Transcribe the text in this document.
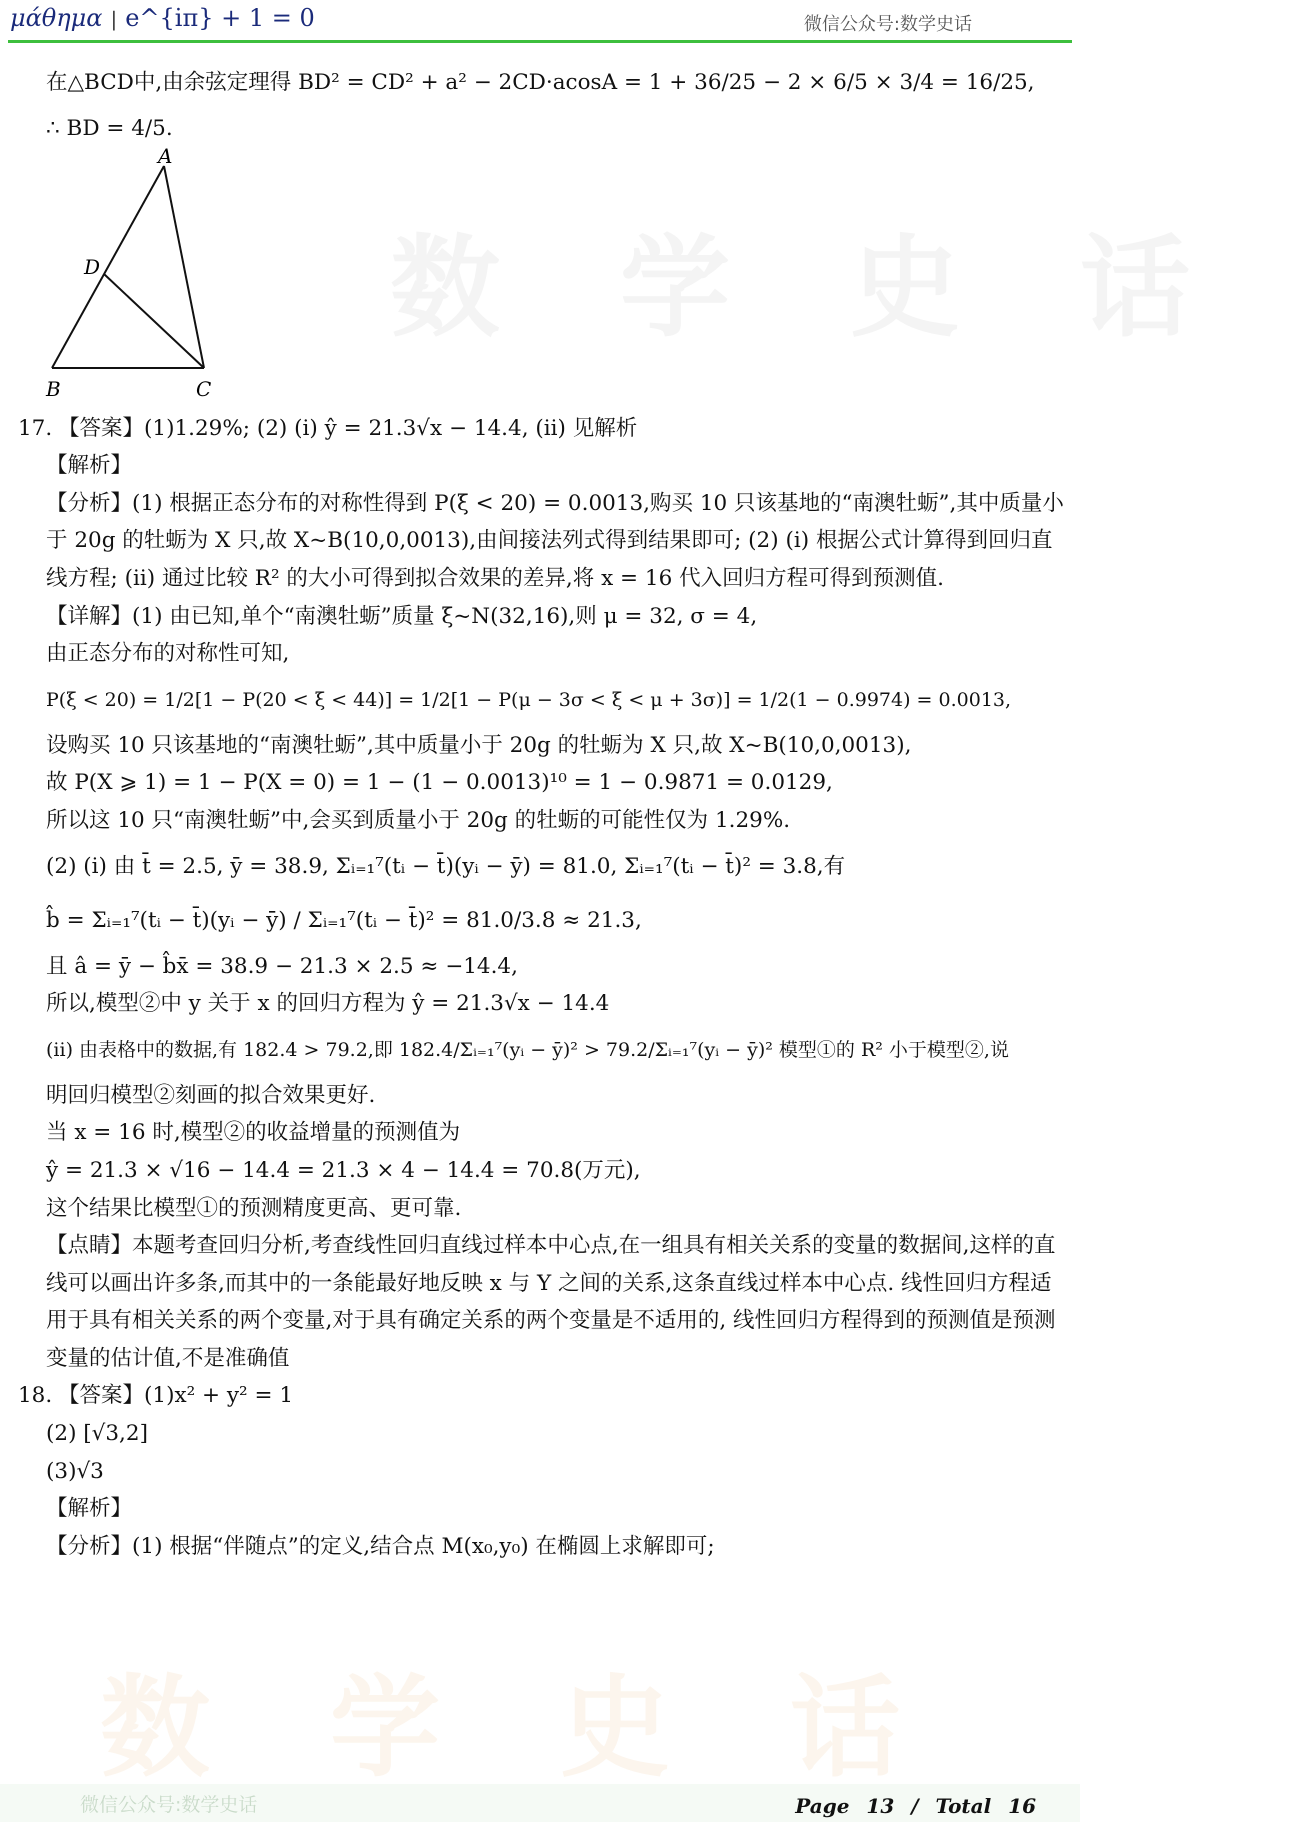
数学史话
数学史话
μάθημα | e^{iπ} + 1 = 0	微信公众号:数学史话
在△BCD中,由余弦定理得 BD² = CD² + a² − 2CD·acosA = 1 + 36/25 − 2 × 6/5 × 3/4 = 16/25,
∴ BD = 4/5.
A
D
B	C
17. 【答案】(1)1.29%; (2) (i) ŷ = 21.3√x − 14.4, (ii) 见解析
【解析】
【分析】(1) 根据正态分布的对称性得到 P(ξ < 20) = 0.0013,购买 10 只该基地的“南澳牡蛎”,其中质量小于 20g 的牡蛎为 X 只,故 X~B(10,0,0013),由间接法列式得到结果即可; (2) (i) 根据公式计算得到回归直线方程; (ii) 通过比较 R² 的大小可得到拟合效果的差异,将 x = 16 代入回归方程可得到预测值.
【详解】(1) 由已知,单个“南澳牡蛎”质量 ξ~N(32,16),则 μ = 32, σ = 4,
由正态分布的对称性可知,
P(ξ < 20) = 1/2[1 − P(20 < ξ < 44)] = 1/2[1 − P(μ − 3σ < ξ < μ + 3σ)] = 1/2(1 − 0.9974) = 0.0013,
设购买 10 只该基地的“南澳牡蛎”,其中质量小于 20g 的牡蛎为 X 只,故 X~B(10,0,0013),
故 P(X ⩾ 1) = 1 − P(X = 0) = 1 − (1 − 0.0013)¹⁰ = 1 − 0.9871 = 0.0129,
所以这 10 只“南澳牡蛎”中,会买到质量小于 20g 的牡蛎的可能性仅为 1.29%.
(2) (i) 由 t̄ = 2.5, ȳ = 38.9, Σᵢ₌₁⁷(tᵢ − t̄)(yᵢ − ȳ) = 81.0, Σᵢ₌₁⁷(tᵢ − t̄)² = 3.8,有
b̂ = Σᵢ₌₁⁷(tᵢ − t̄)(yᵢ − ȳ) / Σᵢ₌₁⁷(tᵢ − t̄)² = 81.0/3.8 ≈ 21.3,
且 â = ȳ − b̂x̄ = 38.9 − 21.3 × 2.5 ≈ −14.4,
所以,模型②中 y 关于 x 的回归方程为 ŷ = 21.3√x − 14.4
(ii) 由表格中的数据,有 182.4 > 79.2,即 182.4/Σᵢ₌₁⁷(yᵢ − ȳ)² > 79.2/Σᵢ₌₁⁷(yᵢ − ȳ)² 模型①的 R² 小于模型②,说
明回归模型②刻画的拟合效果更好.
当 x = 16 时,模型②的收益增量的预测值为
ŷ = 21.3 × √16 − 14.4 = 21.3 × 4 − 14.4 = 70.8(万元),
这个结果比模型①的预测精度更高、更可靠.
【点睛】本题考查回归分析,考查线性回归直线过样本中心点,在一组具有相关关系的变量的数据间,这样的直线可以画出许多条,而其中的一条能最好地反映 x 与 Y 之间的关系,这条直线过样本中心点. 线性回归方程适用于具有相关关系的两个变量,对于具有确定关系的两个变量是不适用的, 线性回归方程得到的预测值是预测变量的估计值,不是准确值
18. 【答案】(1)x² + y² = 1
(2) [√3,2]
(3)√3
【解析】
【分析】(1) 根据“伴随点”的定义,结合点 M(x₀,y₀) 在椭圆上求解即可;
微信公众号:数学史话	Page 13 / Total 16
